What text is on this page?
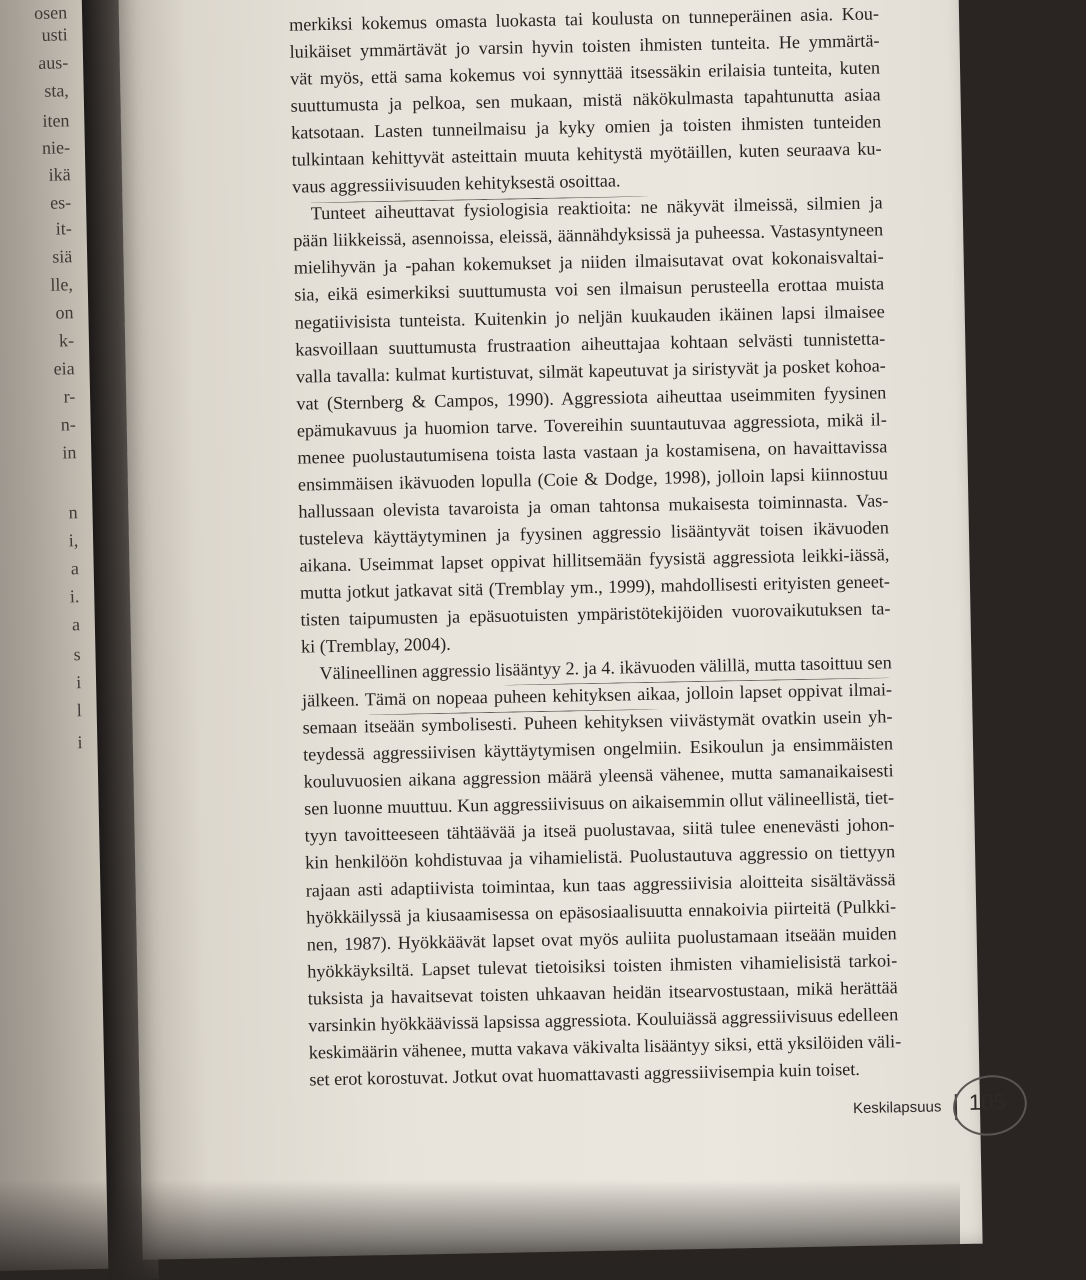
osen
usti
aus-
sta,
iten
nie-
ikä
es-
it-
siä
lle,
on
k-
eia
r-
n-
in
n
i,
a
i.
a
s
i
l
i
merkiksi kokemus omasta luokasta tai koulusta on tunneperäinen asia. Kou-
luikäiset ymmärtävät jo varsin hyvin toisten ihmisten tunteita. He ymmärtä-
vät myös, että sama kokemus voi synnyttää itsessäkin erilaisia tunteita, kuten
suuttumusta ja pelkoa, sen mukaan, mistä näkökulmasta tapahtunutta asiaa
katsotaan. Lasten tunneilmaisu ja kyky omien ja toisten ihmisten tunteiden
tulkintaan kehittyvät asteittain muuta kehitystä myötäillen, kuten seuraava ku-
vaus aggressiivisuuden kehityksestä osoittaa.
Tunteet aiheuttavat fysiologisia reaktioita: ne näkyvät ilmeissä, silmien ja
pään liikkeissä, asennoissa, eleissä, äännähdyksissä ja puheessa. Vastasyntyneen
mielihyvän ja -pahan kokemukset ja niiden ilmaisutavat ovat kokonaisvaltai-
sia, eikä esimerkiksi suuttumusta voi sen ilmaisun perusteella erottaa muista
negatiivisista tunteista. Kuitenkin jo neljän kuukauden ikäinen lapsi ilmaisee
kasvoillaan suuttumusta frustraation aiheuttajaa kohtaan selvästi tunnistetta-
valla tavalla: kulmat kurtistuvat, silmät kapeutuvat ja siristyvät ja posket kohoa-
vat (Sternberg & Campos, 1990). Aggressiota aiheuttaa useimmiten fyysinen
epämukavuus ja huomion tarve. Tovereihin suuntautuvaa aggressiota, mikä il-
menee puolustautumisena toista lasta vastaan ja kostamisena, on havaittavissa
ensimmäisen ikävuoden lopulla (Coie & Dodge, 1998), jolloin lapsi kiinnostuu
hallussaan olevista tavaroista ja oman tahtonsa mukaisesta toiminnasta. Vas-
tusteleva käyttäytyminen ja fyysinen aggressio lisääntyvät toisen ikävuoden
aikana. Useimmat lapset oppivat hillitsemään fyysistä aggressiota leikki-iässä,
mutta jotkut jatkavat sitä (Tremblay ym., 1999), mahdollisesti erityisten geneet-
tisten taipumusten ja epäsuotuisten ympäristötekijöiden vuorovaikutuksen ta-
ki (Tremblay, 2004).
Välineellinen aggressio lisääntyy 2. ja 4. ikävuoden välillä, mutta tasoittuu sen
jälkeen. Tämä on nopeaa puheen kehityksen aikaa, jolloin lapset oppivat ilmai-
semaan itseään symbolisesti. Puheen kehityksen viivästymät ovatkin usein yh-
teydessä aggressiivisen käyttäytymisen ongelmiin. Esikoulun ja ensimmäisten
kouluvuosien aikana aggression määrä yleensä vähenee, mutta samanaikaisesti
sen luonne muuttuu. Kun aggressiivisuus on aikaisemmin ollut välineellistä, tiet-
tyyn tavoitteeseen tähtäävää ja itseä puolustavaa, siitä tulee enenevästi johon-
kin henkilöön kohdistuvaa ja vihamielistä. Puolustautuva aggressio on tiettyyn
rajaan asti adaptiivista toimintaa, kun taas aggressiivisia aloitteita sisältävässä
hyökkäilyssä ja kiusaamisessa on epäsosiaalisuutta ennakoivia piirteitä (Pulkki-
nen, 1987). Hyökkäävät lapset ovat myös auliita puolustamaan itseään muiden
hyökkäyksiltä. Lapset tulevat tietoisiksi toisten ihmisten vihamielisistä tarkoi-
tuksista ja havaitsevat toisten uhkaavan heidän itsearvostustaan, mikä herättää
varsinkin hyökkäävissä lapsissa aggressiota. Kouluiässä aggressiivisuus edelleen
keskimäärin vähenee, mutta vakava väkivalta lisääntyy siksi, että yksilöiden väli-
set erot korostuvat. Jotkut ovat huomattavasti aggressiivisempia kuin toiset.
Keskilapsuus 105
